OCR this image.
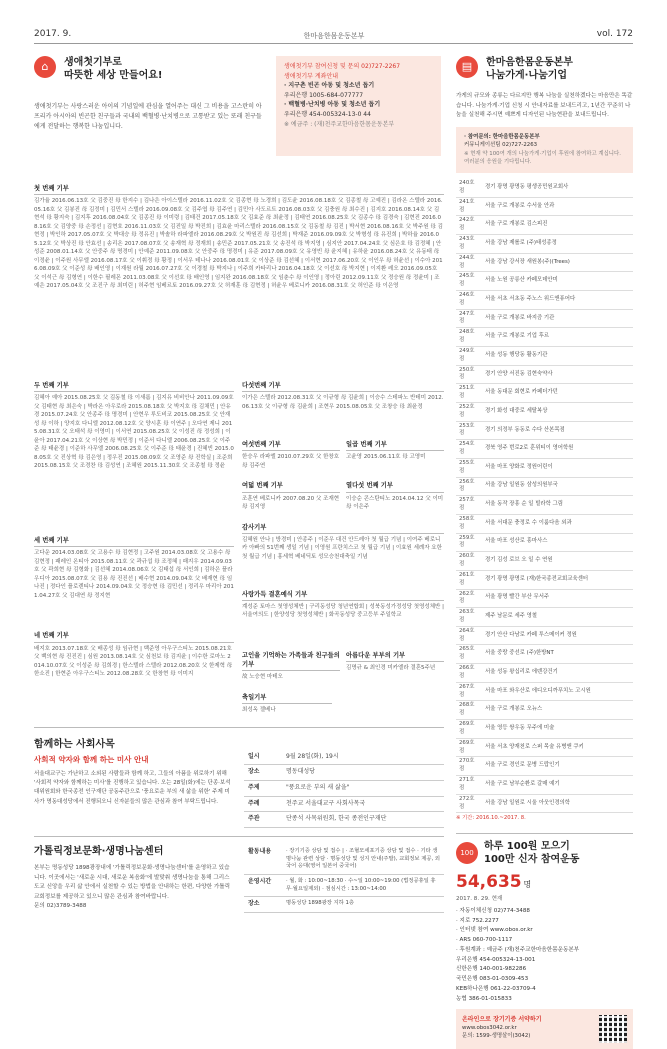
2017. 9.	한마음한몸운동본부	vol. 172
⌂	생애첫기부로
따뜻한 세상 만들어요!
생애첫기부는 사랑스러운 아이의 기념일에 관심을 열어주는 대신 그 비용을 고스란히 아프리카 아시아의 빈곤한 친구들과 국내의 백혈병·난치병으로 고통받고 있는 또래 친구들에게 전달하는 행복한 나눔입니다.
생애첫기부 참여신청 및 문의 02)727-2267
생애첫기부 계좌안내
· 지구촌 빈곤 아동 및 청소년 돕기
우리은행 1005-684-077777
· 백혈병·난치병 아동 및 청소년 돕기
우리은행 454-005324-13-0 44
※ 예금주 : (재)천주교한마음한몸운동본부
첫 번째 기부
김가율 2016.06.13호 父 김중진 母 한지수 | 김나은 아이스텔라 2016.11.02호 父 김종현 母 노경희 | 김도윤 2016.08.18호 父 김종철 母 고예진 | 김라온 스텔라 2016.05.16호 父 김봉진 母 김정미 | 김민서 스텔라 2016.09.08호 父 김주엽 母 김주연 | 김민아 사도르트 2016.08.03호 父 김충원 母 최수진 | 김지호 2016.08.14호 父 김현석 母 황지숙 | 김지후 2016.08.04호 父 김종진 母 이미령 | 김태건 2017.05.18호 父 김효준 母 최윤정 | 김태연 2016.08.25호 父 김종수 母 김경숙 | 김현진 2016.08.16호 父 김양중 母 손정선 | 김현호 2016.11.03호 父 김진일 母 박진희 | 김효윤 마리스텔라 2016.08.15호 父 김동철 母 김진 | 박서현 2016.08.16호 父 박주원 母 김현정 | 박인하 2017.05.07호 父 박대승 母 정유진 | 박솔하 라파엘라 2016.08.29호 父 박원진 母 김선희 | 박재준 2016.09.09호 父 박형성 母 유진희 | 박하율 2016.05.12호 父 박상진 母 안효선 | 송리온 2017.08.07호 父 송재혁 母 정재희 | 송민준 2017.05.21호 父 송진석 母 박지영 | 심지안 2017.04.24호 父 심은호 母 김정혜 | 안성준 2008.01.14호 父 안중주 母 명경미 | 안예준 2011.09.08호 父 안중주 母 명경미 | 유준 2017.08.09호 父 유영빈 母 윤지혜 | 유하윤 2016.08.24호 父 유동태 母 이정윤 | 이주원 사무엘 2016.08.17호 父 이휘정 母 황정 | 이서우 테나나 2016.08.01호 父 이상준 母 김선혜 | 이서현 2017.06.20호 父 이인우 母 허윤선 | 이수아 2016.08.09호 父 이준성 母 배인영 | 이재원 라월 2016.07.27호 父 이경철 母 박지나 | 이주희 카타리나 2016.04.18호 父 이선호 母 박지현 | 이지환 레오 2016.09.05호 父 이석근 母 김형연 | 이한수 필레몬 2011.03.08호 父 이선호 母 배인영 | 임지완 2016.08.18호 父 임춘수 母 이인영 | 정아린 2012.09.11호 父 정승원 母 정윤미 | 조예은 2017.05.04호 父 조진구 母 최미린 | 허주현 임베르토 2016.09.27호 父 허재훈 母 김현정 | 허윤우 베로니카 2016.08.31호 父 허인준 母 이은영
두 번째 기부
김혜아 예아 2015.08.25호 父 김동철 母 이새롬 | 김지유 비비안나 2011.09.09호 父 김태현 母 최은숙 | 박라온 아우로라 2015.08.18호 父 박지호 母 김채민 | 안유경 2015.07.24호 父 안종주 母 명경미 | 안현우 루도비코 2015.08.25호 父 안재성 母 이하 | 양지호 다니엘 2012.08.12호 父 양시훈 母 이연주 | 오다연 제니 2015.08.31호 父 오태석 母 이영미 | 이서연 2015.08.25호 父 이성진 母 정성희 | 이윤아 2017.04.21호 父 이상현 母 박민정 | 이준서 다니엘 2006.08.25호 父 이주준 母 태윤경 | 이준하 사무엘 2006.08.25호 父 이주준 母 태윤경 | 진혜빈 2015.08.05호 父 진상혁 母 김은영 | 정우진 2015.08.09호 父 조영준 母 진학실 | 조준희 2015.08.15호 父 조경찬 母 김성연 | 조혜원 2015.11.30호 父 조종철 母 정윤
세 번째 기부
고다운 2014.03.08호 父 고용수 母 김현정 | 고주원 2014.03.08호 父 고용수 母 김현정 | 패레인 온티아 2015.08.11호 父 곽규섭 母 조정혜 | 패지우 2014.09.03호 父 곽희현 母 김형화 | 김선혜 2014.08.06호 父 김태섭 母 서인희 | 김하은 플라우디아 2015.08.07호 父 김용 母 진진선 | 배수현 2014.09.04호 父 배재현 母 임나진 | 정다인 플로렌티나 2014.09.04호 父 정승현 母 김민선 | 정리우 마리아 2011.04.27호 父 김대연 母 정지현
네 번째 기부
배지호 2013.07.18호 父 배종성 母 임규현 | 백준영 아우구스티노 2015.08.21호 父 백의현 母 진진진 | 심원 2013.08.14호 父 심천보 母 김지윤 | 이수한 로마노 2014.10.07호 父 이성준 母 김희경 | 한스텔라 스텔라 2012.08.20호 父 한제혁 母 한소진 | 한현준 아우구스티노 2012.08.28호 父 한창현 母 이미지
다섯번째 기부
이가은 스텔라 2012.08.31호 父 이규형 母 김윤희 | 이승수 스테파노 반테미 2012.06.13호 父 이규형 母 김윤희 | 조현우 2015.08.05호 父 조창승 母 최윤정
여섯번째 기부
한승우 라파엘 2010.07.29호 父 한창호 母 김주연
일곱 번째 기부
고윤영 2015.06.11호 母 고영미
여덟 번째 기부
조훈연 베로니카 2007.08.20 父 조재현 母 김지영
열다섯 번째 기부
이승순 콘스탄티노 2014.04.12 父 이미 母 이은주
감사기부
김혜원 안나 | 방경미 | 안종주 | 이준우 대건 안드레아 첫 월급 기념 | 이여주 베로니카 아빠의 51번째 생일 기념 | 이영원 프란치스코 첫 월급 기념 | 이효원 세례자 요한 첫 월급 기념 | 홍세혁 베네딕토 성모승천대축일 기념
사랑가득 결혼예식 기부
계성준 토마스 첫영성체반 | 구리동성당 청년연합회 | 성북동성가정성당 첫영성체반 | 서울여의도 | 한양성당 첫영성체반 | 화곡동성당 중고등부 주일학교
고인을 기억하는 가족들과 친구들의 기부
故 노승현 마테오
아름다운 부부의 기부
김명규 & 최인경 미카엘라 결혼5주년
축일기부
최성옥 젤베나
함께하는 사회사목
사회적 약자와 함께 하는 미사 안내
서울대교구는 가난하고 소외된 사람들과 함께 하고, 그들의 아픔을 위로하기 위해 '사회적 약자와 함께하는 미사'를 진행하고 있습니다. 오는 28일(화)에는 단종·보석대위원회와 한국종전 인구재단 공동주관으로 '풍요로운 부의 새 삶을 위한' 주제 미사가 명동대성당에서 진행되오니 신자분들의 많은 관심과 참여 부탁드립니다.
일시	9월 28일(화), 19시
장소	명동대성당
주제	"풍요로운 부의 새 삶을"
주례	천주교 서울대교구 사회사목국
주관	단종석 사목위원회, 한국 종전인구재단
가톨릭정보문화·생명나눔센터
본부는 명동성당 1898광장내에 '가톨릭정보문화·생명나눔센터'를 운영하고 있습니다. 이곳에서는 '새로운 시대, 새로운 복음화'에 발맞춰 생명나눔을 통해 그리스도교 신앙을 우리 삶 안에서 실천할 수 있는 방법을 안내하는 한편, 다양한 가톨릭교회정보를 제공하고 있으니 많은 관심과 참여바랍니다.
문의 02)3789-3488
활동내용	· 장기기증 상담 및 접수 | · 조혈모세포기증 상담 및 접수 · 기타 생명나눔 관련 상담 · 명동성당 및 성지 안내(주말), 교회정보 제공, 외국어 응대(영어 일본어 중국어)
운영시간	· 월, 화 : 10:00~18:30 · 수~일 10:00~19:00 (법정공휴일 휴무·월요일제외) · 점심시간 : 13:00~14:00
장소	명동성당 1898광장 지하 1층
▤	한마음한몸운동본부
나눔가게·나눔기업
가게의 규모와 종류는 다르지만 행복 나눔을 실천하겠다는 마음만은 똑같습니다. 나눔가게·기업 신청 시 안내자료를 보내드리고, 1년간 꾸준히 나눔을 실천해 주시면 예쁘게 디자인된 나눔현판을 보내드립니다.
· 참여문의: 한마음한몸운동본부
커뮤니케이션팀 02)727-2263
※ 현재 약 100여 개의 나눔가게·기업이 후원에 참여하고 계십니다. 여러분의 응원을 기다립니다.
240호점	경기 광명 광명동 평생공민원교회사
241호점	서울 구로 개봉로 수서울 안과
242호점	서울 구로 개봉로 김스피진
243호점	서울 강남 제롤로 (주)태성종정
244호점	서울 강남 강서장 새원봉(주)(Trees)
245호점	서울 노원 공릉산 카페모데안미
246호점	서울 서초 서초동 주노스 위드앤퓨어다
247호점	서울 구로 개봉로 바지즘 기관
248호점	서울 구로 개봉로 기업 후르
249호점	서울 성동 행당동 활동기관
250호점	경기 안양 서진동 김현숙약사
251호점	서울 동대문 회현로 카페더가던
252호점	경기 화성 대중로 세탈복상
253호점	경기 의정부 동동로 수다 산본목점
254호점	경북 영주 번로2로 훈위티이 영어학원
255호점	서울 마포 양화로 정원어린이
256호점	서울 강남 일원동 삼성의원부국
257호점	서울 동작 장흥 순 일 빌라학 그림
258호점	서울 서대문 충정로 수 이룸다음 외과
259호점	서울 마포 성산로 흥마사스
260호점	경기 김성 로브 오 일 수 연원
261호점	경기 광명 광명로 (재)한국종전교회교육센터
262호점	서울 광명 빨간 부산 무서주
263호점	제주 남문로 세주 영철
264호점	경기 안산 다남로 카페 투스메이커 정원
265호점	서울 중랑 중선로 (주)한방NT
266호점	서울 성동 왕십리로 에덴강건기
267호점	서울 마포 와우산로 에디오디까푸치노 고시원
268호점	서울 구로 개봉로 오뉴스
269호점	서울 영등 쌍우동 무주에 미술
269호점	서울 서초 양재천로 스퍼 목술 유병앤 쿠키
270호점	서울 구로 경인로 문병 드랍인기
271호점	서울 구로 남부순환로 갈매 예기
272호점	서울 강남 일원로 시울 아웃인경의학
※ 기간: 2016.10.~2017. 8.
100
하루 100원 모으기
100만 신자 참여운동
54,635 명
2017. 8. 29. 현재
· 자동이체신청 02)774-3488
· 지로 752.2277
· 인터넷 참여 www.obos.or.kr
· ARS 060-700-1117
· 후원계좌 : 예금주 (재)천주교한마음한몸운동본부
우리은행 454-005324-13-001
신한은행 140-001-982286
국민은행 083-01-0309-453
KEB하나은행 061-22-03709-4
농협 386-01-015833
온라인으로 장기기증 서약하기
www.obos3042.or.kr
문의: 1599-생명살이(3042)
